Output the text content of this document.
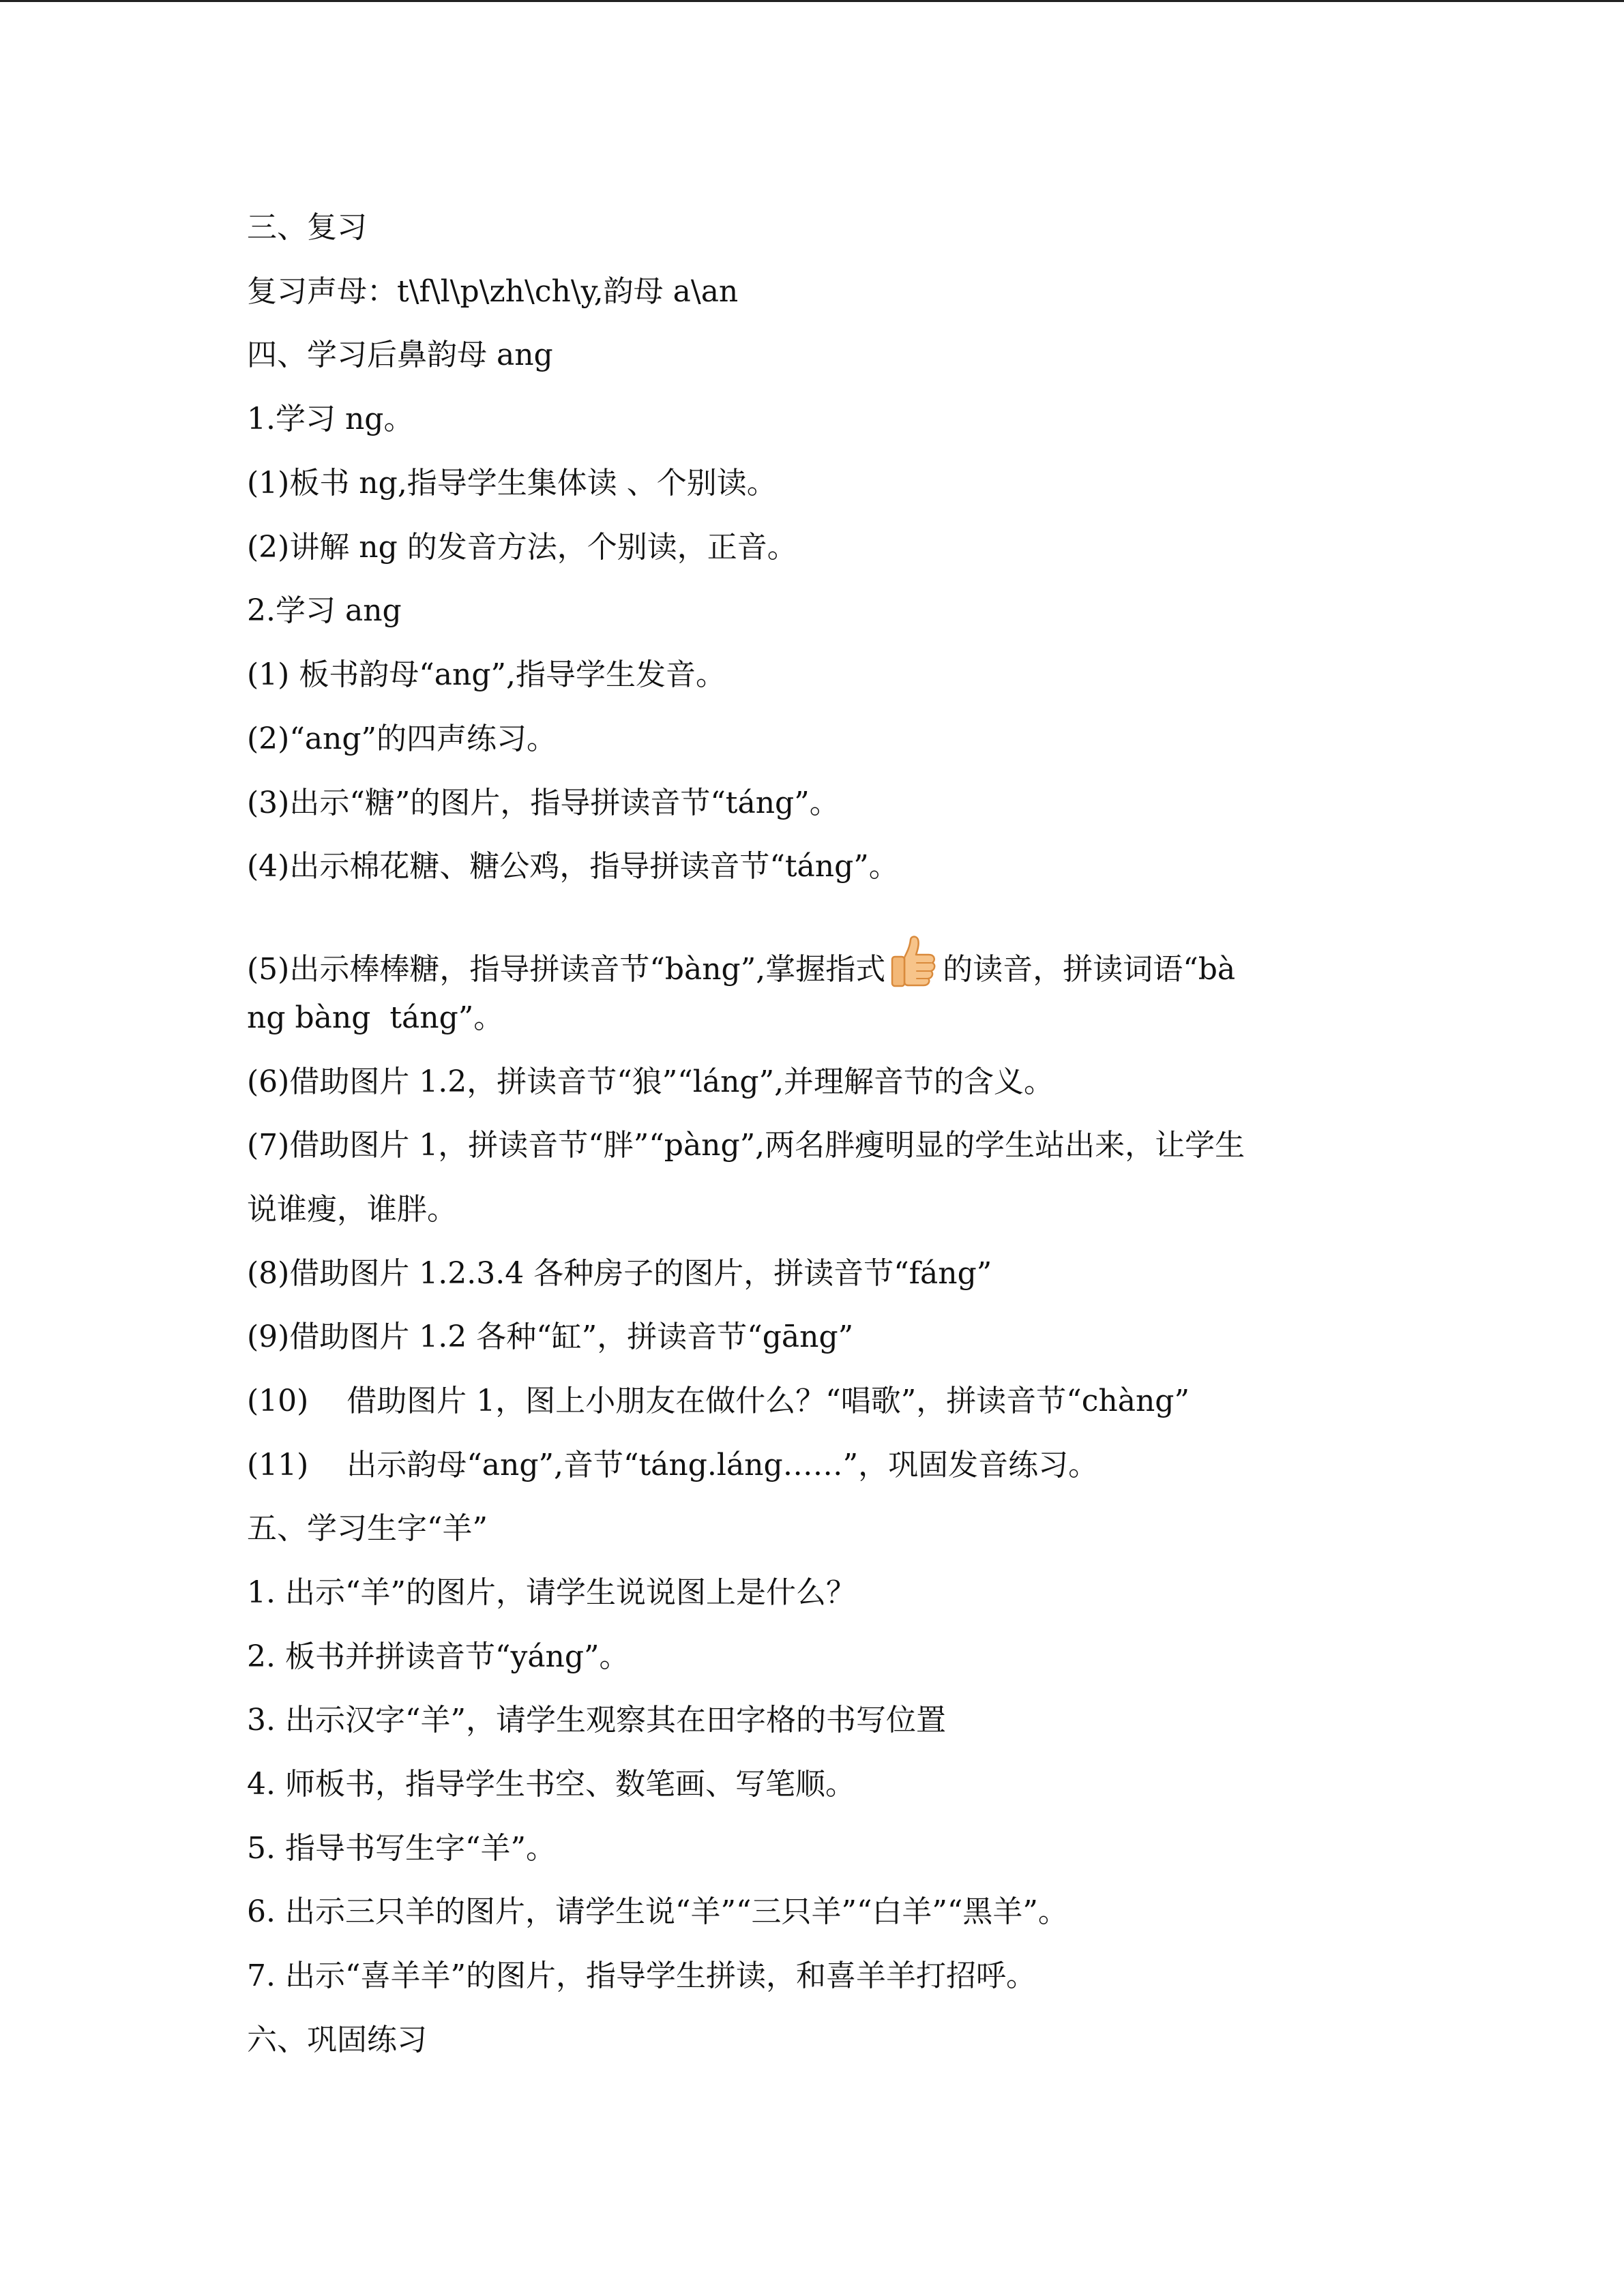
三、复习
复习声母：t\f\l\p\zh\ch\y,韵母 a\an
四、学习后鼻韵母 ang
1.学习 ng。
(1)板书 ng,指导学生集体读 、个别读。
(2)讲解 ng 的发音方法，个别读，正音。
2.学习 ang
(1) 板书韵母“ang”,指导学生发音。
(2)“ang”的四声练习。
(3)出示“糖”的图片，指导拼读音节“táng”。
(4)出示棉花糖、糖公鸡，指导拼读音节“táng”。
(5)出示棒棒糖，指导拼读音节“bàng”,掌握指式 的读音，拼读词语“bà
ng bàng  táng”。
(6)借助图片 1.2，拼读音节“狼”“láng”,并理解音节的含义。
(7)借助图片 1，拼读音节“胖”“pàng”,两名胖瘦明显的学生站出来，让学生
说谁瘦，谁胖。
(8)借助图片 1.2.3.4 各种房子的图片，拼读音节“fáng”
(9)借助图片 1.2 各种“缸”，拼读音节“gāng”
(10)    借助图片 1，图上小朋友在做什么？“唱歌”，拼读音节“chàng”
(11)    出示韵母“ang”,音节“táng.láng……”，巩固发音练习。
五、学习生字“羊”
1. 出示“羊”的图片，请学生说说图上是什么？
2. 板书并拼读音节“yáng”。
3. 出示汉字“羊”，请学生观察其在田字格的书写位置
4. 师板书，指导学生书空、数笔画、写笔顺。
5. 指导书写生字“羊”。
6. 出示三只羊的图片，请学生说“羊”“三只羊”“白羊”“黑羊”。
7. 出示“喜羊羊”的图片，指导学生拼读，和喜羊羊打招呼。
六、巩固练习
